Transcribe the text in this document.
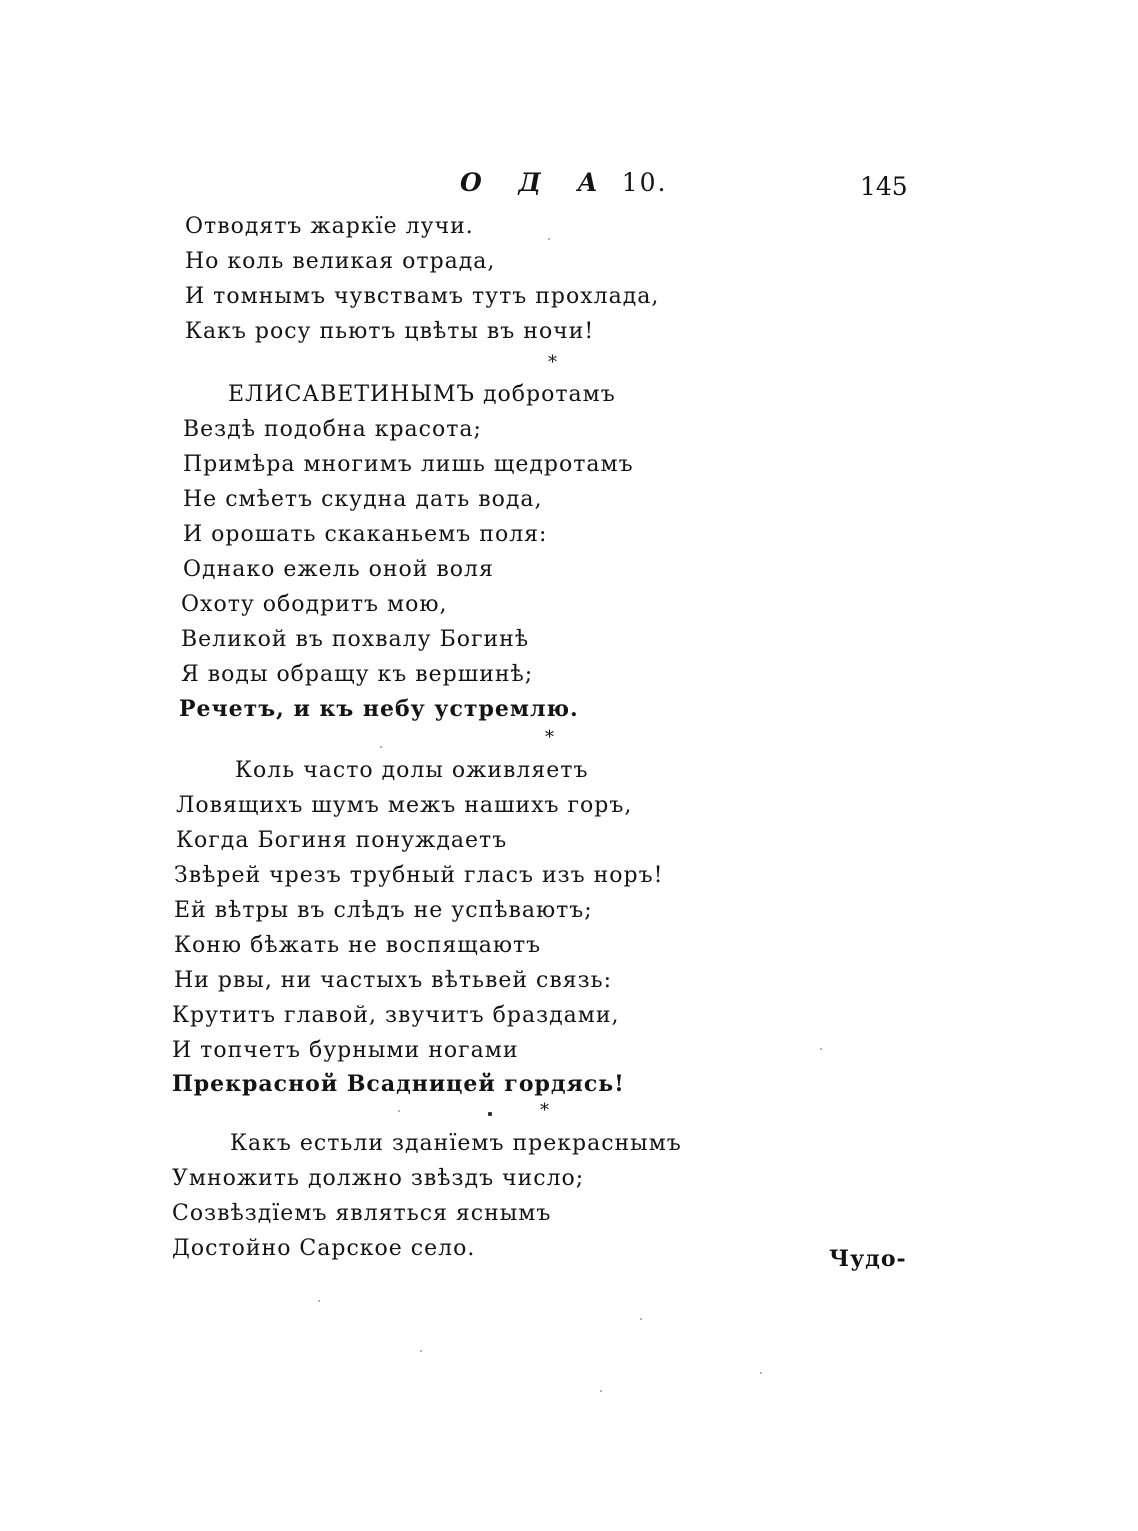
О Д А 10.	145
Отводятъ жаркїе лучи.
Но коль великая отрада,
И томнымъ чувствамъ тутъ прохлада,
Какъ росу пьютъ цвѣты въ ночи!
*
ЕЛИСАВЕТИНЫМЪ добротамъ
Вездѣ подобна красота;
Примѣра многимъ лишь щедротамъ
Не смѣетъ скудна дать вода,
И орошать скаканьемъ поля:
Однако ежель оной воля
Охоту ободритъ мою,
Великой въ похвалу Богинѣ
Я воды обращу къ вершинѣ;
Речетъ, и къ небу устремлю.
*
Коль часто долы оживляетъ
Ловящихъ шумъ межъ нашихъ горъ,
Когда Богиня понуждаетъ
Звѣрей чрезъ трубный гласъ изъ норъ!
Ей вѣтры въ слѣдъ не успѣваютъ;
Коню бѣжать не воспящаютъ
Ни рвы, ни частыхъ вѣтьвей связь:
Крутитъ главой, звучитъ браздами,
И топчетъ бурными ногами
Прекрасной Всадницей гордясь!
*
Какъ естьли зданїемъ прекраснымъ
Умножить должно звѣздъ число;
Созвѣздїемъ являться яснымъ
Достойно Сарское село.	Чудо-
